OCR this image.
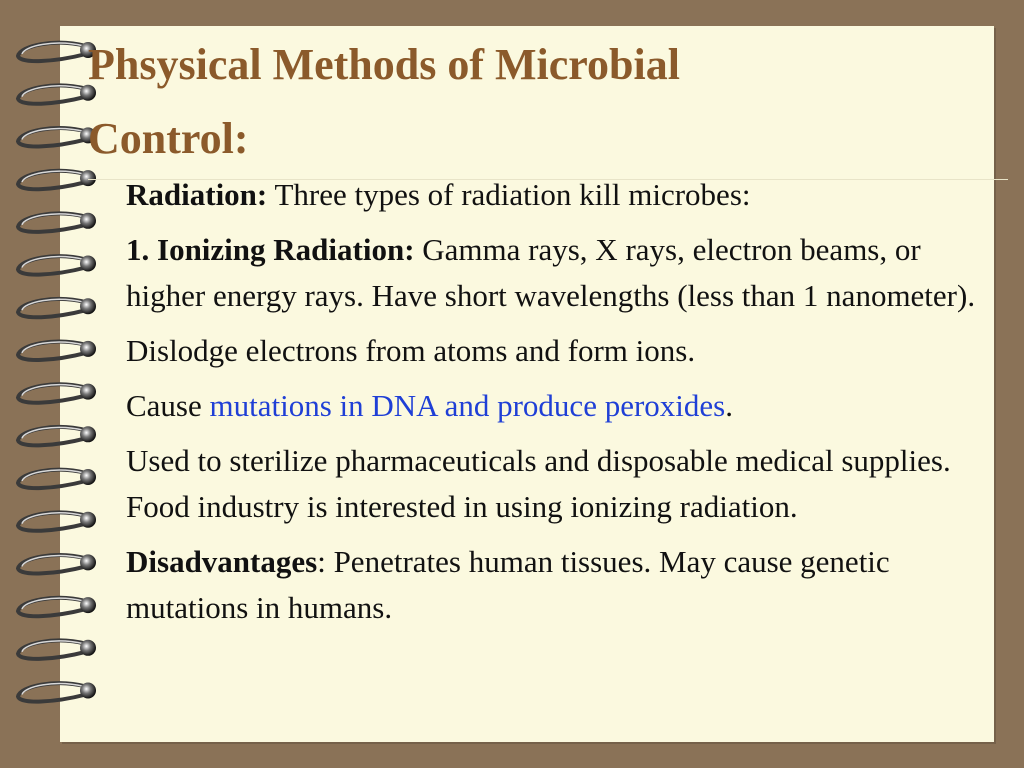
Phsysical Methods of Microbial
Control:
Radiation: Three types of radiation kill microbes:
1. Ionizing Radiation: Gamma rays, X rays, electron beams, or higher energy rays. Have short wavelengths (less than 1 nanometer).
Dislodge electrons from atoms and form ions.
Cause mutations in DNA and produce peroxides.
Used to sterilize pharmaceuticals and disposable medical supplies. Food industry is interested in using ionizing radiation.
Disadvantages: Penetrates human tissues. May cause genetic mutations in humans.
